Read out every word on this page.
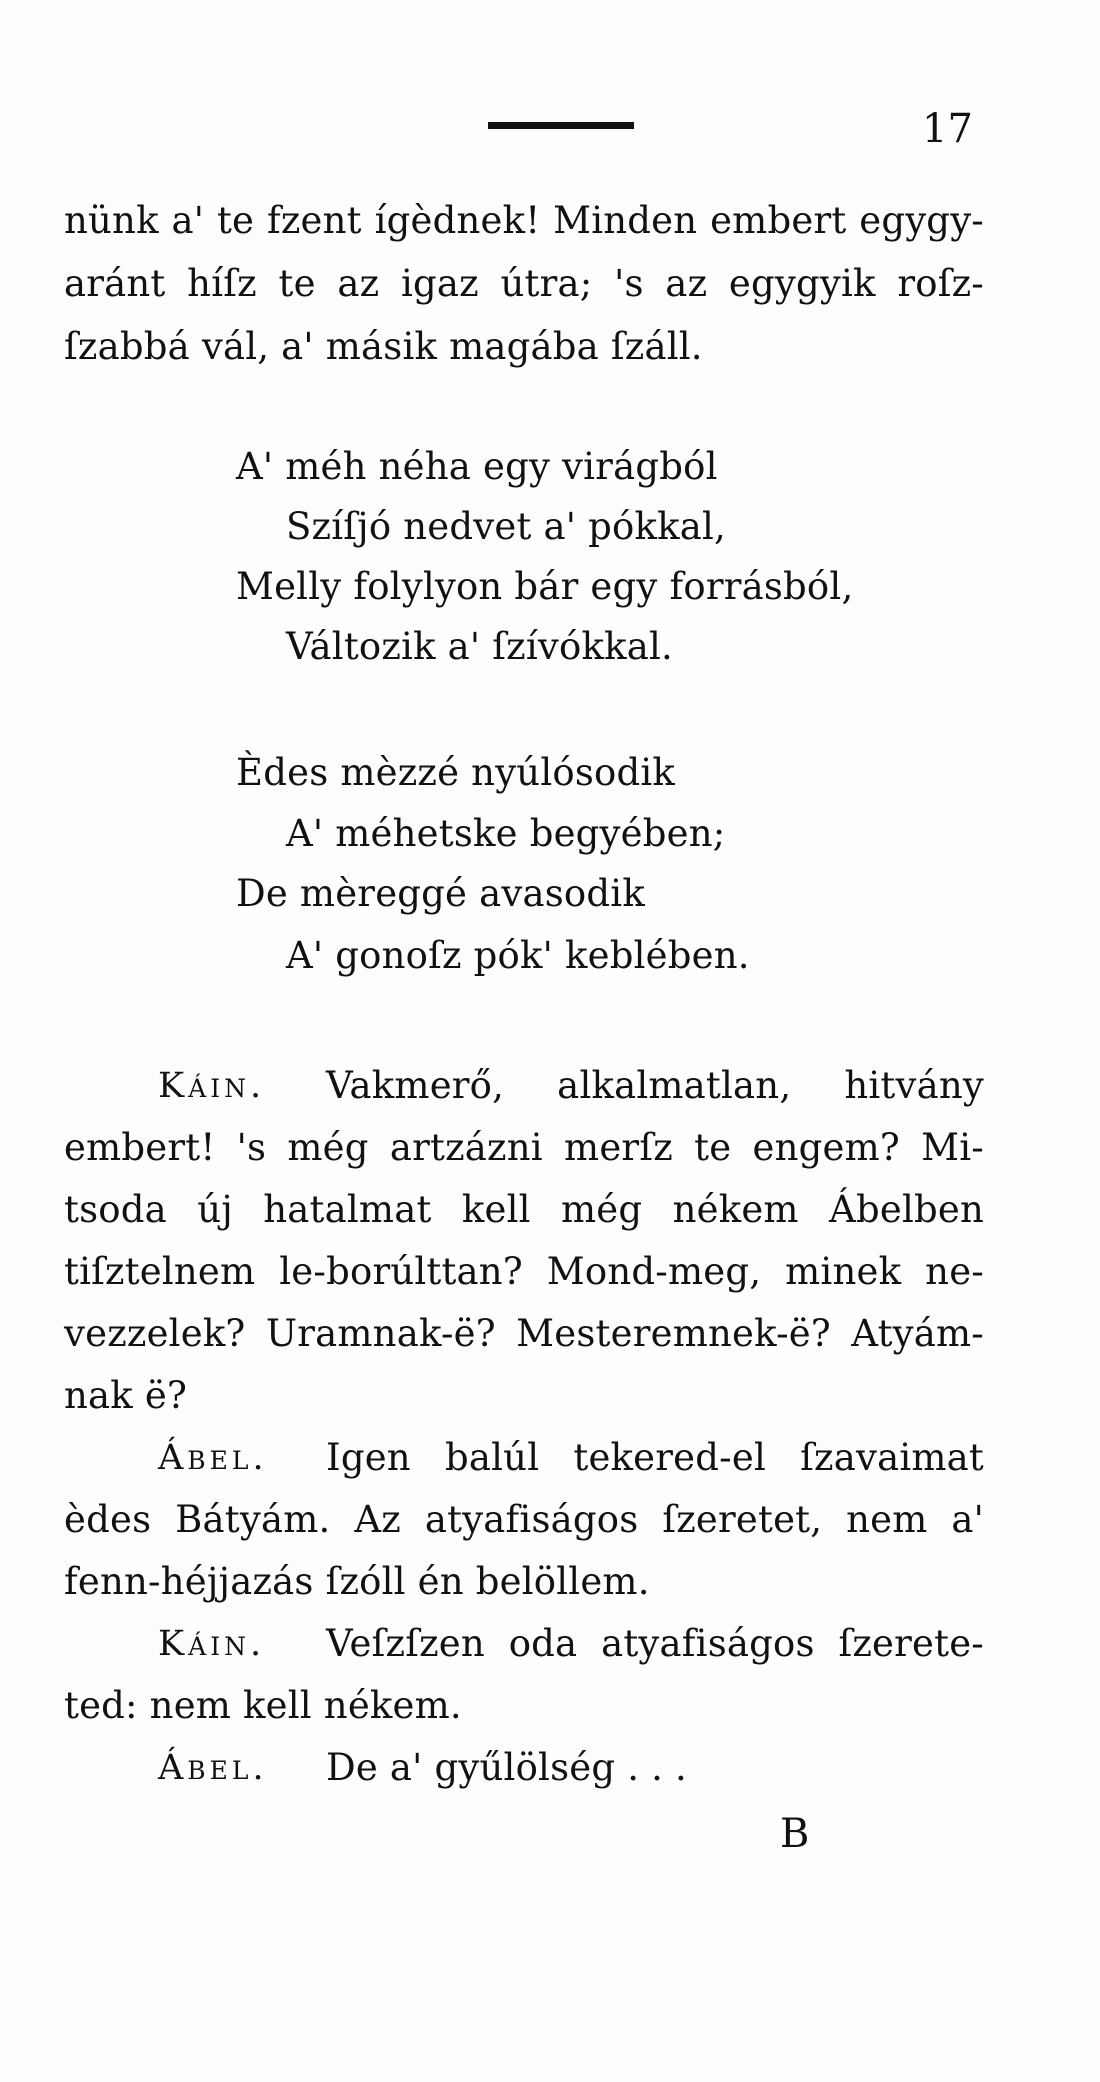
17
nünk a' te fzent ígèdnek! Minden embert egygy-
aránt híſz te az igaz útra; 's az egygyik roſz-
ſzabbá vál, a' másik magába ſzáll.
A' méh néha egy virágból
Szíſjó nedvet a' pókkal,
Melly folylyon bár egy forrásból,
Változik a' ſzívókkal.
Èdes mèzzé nyúlósodik
A' méhetske begyében;
De mèreggé avasodik
A' gonoſz pók' keblében.
Káin. Vakmerő, alkalmatlan, hitvány
embert! 's még artzázni merſz te engem? Mi-
tsoda új hatalmat kell még nékem Ábelben
tiſztelnem le-borúlttan? Mond-meg, minek ne-
vezzelek? Uramnak-ë? Mesteremnek-ë? Atyám-
nak ë?
Ábel. Igen balúl tekered-el ſzavaimat
èdes Bátyám. Az atyafiságos ſzeretet, nem a'
fenn-héjjazás ſzóll én belöllem.
Káin. Veſzſzen oda atyafiságos ſzerete-
ted: nem kell nékem.
Ábel. De a' gyűlölség . . .
B
